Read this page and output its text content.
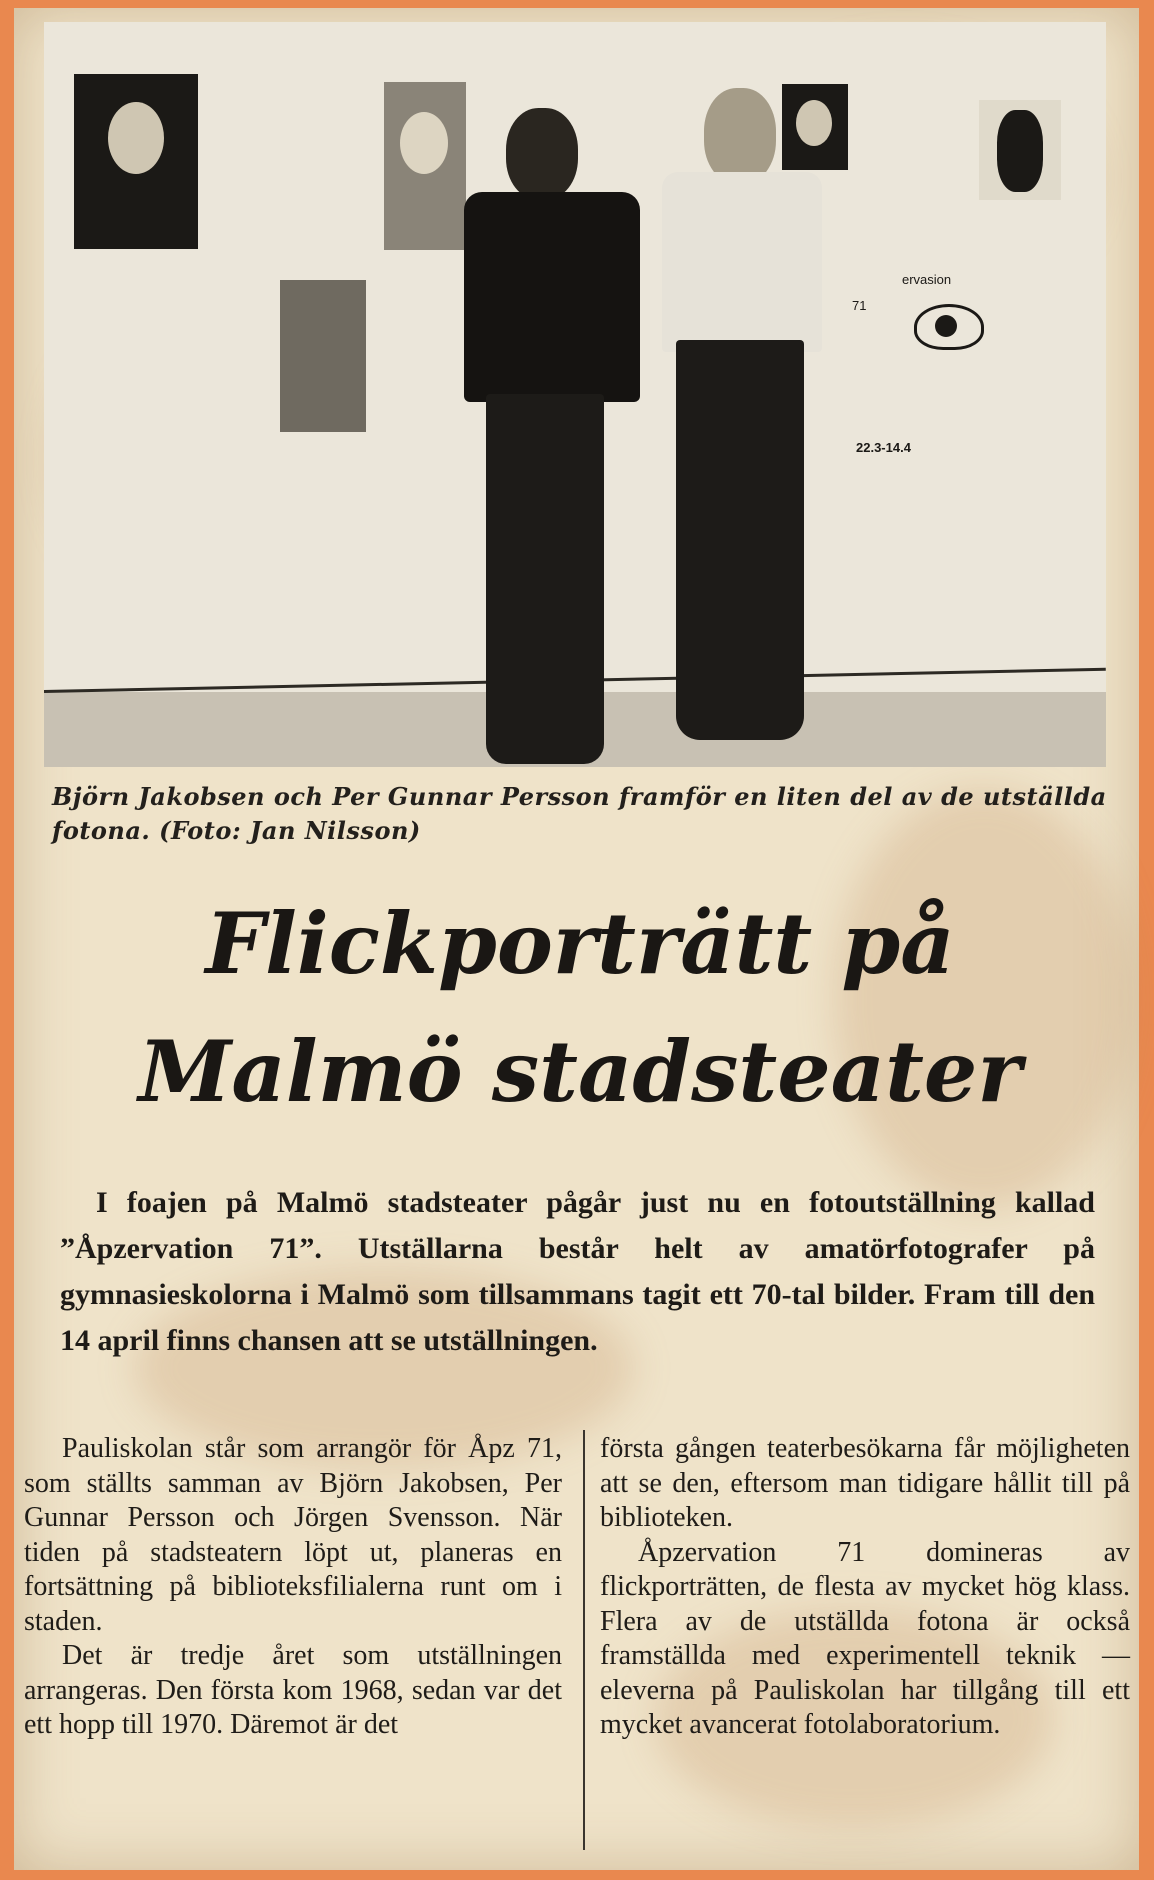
ervasion
71
22.3-14.4
Björn Jakobsen och Per Gunnar Persson framför en liten del av de utställda fotona. (Foto: Jan Nilsson)
Flickporträtt på
Malmö stadsteater
I foajen på Malmö stadsteater pågår just nu en fotoutställning kallad ”Åpzervation 71”. Utställarna består helt av amatörfotografer på gymnasieskolorna i Malmö som tillsammans tagit ett 70-tal bilder. Fram till den 14 april finns chansen att se utställningen.

Pauliskolan står som arrangör för Åpz 71, som ställts samman av Björn Jakobsen, Per Gunnar Persson och Jörgen Svensson. När tiden på stadsteatern löpt ut, planeras en fortsättning på biblioteksfilialerna runt om i staden.

Det är tredje året som utställningen arrangeras. Den första kom 1968, sedan var det ett hopp till 1970. Däremot är det

första gången teaterbesökarna får möjligheten att se den, eftersom man tidigare hållit till på biblioteken.

Åpzervation 71 domineras av flickporträtten, de flesta av mycket hög klass. Flera av de utställda fotona är också framställda med experimentell teknik — eleverna på Pauliskolan har tillgång till ett mycket avancerat fotolaboratorium.
